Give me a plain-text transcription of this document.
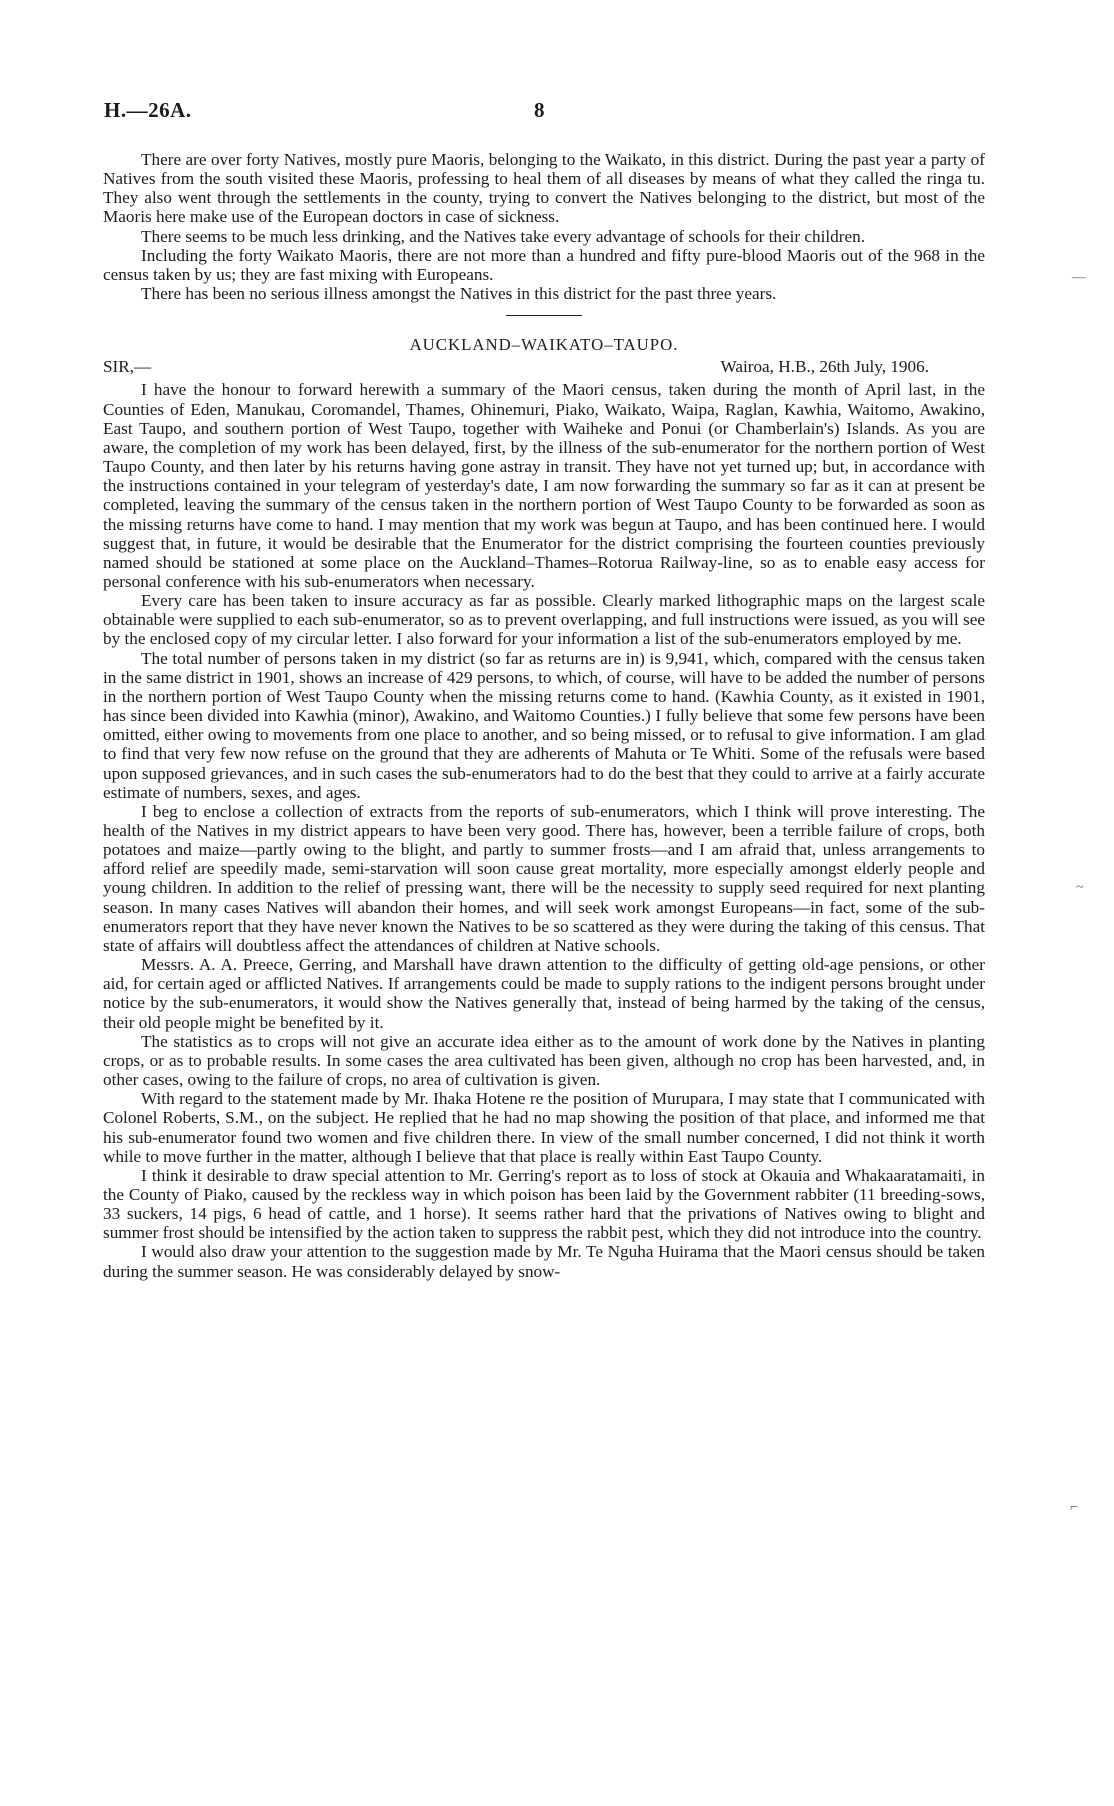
H.—26A.	8

There are over forty Natives, mostly pure Maoris, belonging to the Waikato, in this district. During the past year a party of Natives from the south visited these Maoris, professing to heal them of all diseases by means of what they called the ringa tu. They also went through the settlements in the county, trying to convert the Natives belonging to the district, but most of the Maoris here make use of the European doctors in case of sickness.

There seems to be much less drinking, and the Natives take every advantage of schools for their children.

Including the forty Waikato Maoris, there are not more than a hundred and fifty pure-blood Maoris out of the 968 in the census taken by us; they are fast mixing with Europeans.

There has been no serious illness amongst the Natives in this district for the past three years.

AUCKLAND–WAIKATO–TAUPO.
SIR,—	Wairoa, H.B., 26th July, 1906.

I have the honour to forward herewith a summary of the Maori census, taken during the month of April last, in the Counties of Eden, Manukau, Coromandel, Thames, Ohinemuri, Piako, Waikato, Waipa, Raglan, Kawhia, Waitomo, Awakino, East Taupo, and southern portion of West Taupo, together with Waiheke and Ponui (or Chamberlain's) Islands. As you are aware, the completion of my work has been delayed, first, by the illness of the sub-enumerator for the northern portion of West Taupo County, and then later by his returns having gone astray in transit. They have not yet turned up; but, in accordance with the instructions contained in your telegram of yesterday's date, I am now forwarding the summary so far as it can at present be completed, leaving the summary of the census taken in the northern portion of West Taupo County to be forwarded as soon as the missing returns have come to hand. I may mention that my work was begun at Taupo, and has been continued here. I would suggest that, in future, it would be desirable that the Enumerator for the district comprising the fourteen counties previously named should be stationed at some place on the Auckland–Thames–Rotorua Railway-line, so as to enable easy access for personal conference with his sub-enumerators when necessary.

Every care has been taken to insure accuracy as far as possible. Clearly marked lithographic maps on the largest scale obtainable were supplied to each sub-enumerator, so as to prevent overlapping, and full instructions were issued, as you will see by the enclosed copy of my circular letter. I also forward for your information a list of the sub-enumerators employed by me.

The total number of persons taken in my district (so far as returns are in) is 9,941, which, compared with the census taken in the same district in 1901, shows an increase of 429 persons, to which, of course, will have to be added the number of persons in the northern portion of West Taupo County when the missing returns come to hand. (Kawhia County, as it existed in 1901, has since been divided into Kawhia (minor), Awakino, and Waitomo Counties.) I fully believe that some few persons have been omitted, either owing to movements from one place to another, and so being missed, or to refusal to give information. I am glad to find that very few now refuse on the ground that they are adherents of Mahuta or Te Whiti. Some of the refusals were based upon supposed grievances, and in such cases the sub-enumerators had to do the best that they could to arrive at a fairly accurate estimate of numbers, sexes, and ages.

I beg to enclose a collection of extracts from the reports of sub-enumerators, which I think will prove interesting. The health of the Natives in my district appears to have been very good. There has, however, been a terrible failure of crops, both potatoes and maize—partly owing to the blight, and partly to summer frosts—and I am afraid that, unless arrangements to afford relief are speedily made, semi-starvation will soon cause great mortality, more especially amongst elderly people and young children. In addition to the relief of pressing want, there will be the necessity to supply seed required for next planting season. In many cases Natives will abandon their homes, and will seek work amongst Europeans—in fact, some of the sub-enumerators report that they have never known the Natives to be so scattered as they were during the taking of this census. That state of affairs will doubtless affect the attendances of children at Native schools.

Messrs. A. A. Preece, Gerring, and Marshall have drawn attention to the difficulty of getting old-age pensions, or other aid, for certain aged or afflicted Natives. If arrangements could be made to supply rations to the indigent persons brought under notice by the sub-enumerators, it would show the Natives generally that, instead of being harmed by the taking of the census, their old people might be benefited by it.

The statistics as to crops will not give an accurate idea either as to the amount of work done by the Natives in planting crops, or as to probable results. In some cases the area cultivated has been given, although no crop has been harvested, and, in other cases, owing to the failure of crops, no area of cultivation is given.

With regard to the statement made by Mr. Ihaka Hotene re the position of Murupara, I may state that I communicated with Colonel Roberts, S.M., on the subject. He replied that he had no map showing the position of that place, and informed me that his sub-enumerator found two women and five children there. In view of the small number concerned, I did not think it worth while to move further in the matter, although I believe that that place is really within East Taupo County.

I think it desirable to draw special attention to Mr. Gerring's report as to loss of stock at Okauia and Whakaaratamaiti, in the County of Piako, caused by the reckless way in which poison has been laid by the Government rabbiter (11 breeding-sows, 33 suckers, 14 pigs, 6 head of cattle, and 1 horse). It seems rather hard that the privations of Natives owing to blight and summer frost should be intensified by the action taken to suppress the rabbit pest, which they did not introduce into the country.

I would also draw your attention to the suggestion made by Mr. Te Nguha Huirama that the Maori census should be taken during the summer season. He was considerably delayed by snow-

—
~
⌐
